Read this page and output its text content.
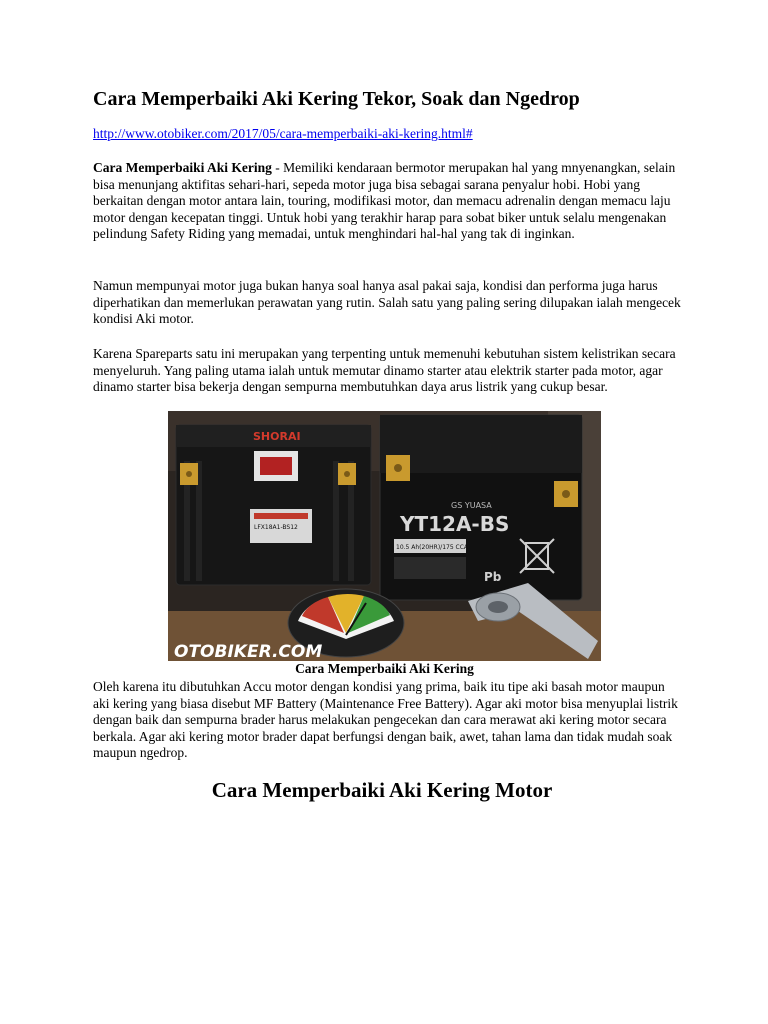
Cara Memperbaiki Aki Kering Tekor, Soak dan Ngedrop
http://www.otobiker.com/2017/05/cara-memperbaiki-aki-kering.html#

Cara Memperbaiki Aki Kering - Memiliki kendaraan bermotor merupakan hal yang mnyenangkan, selain bisa menunjang aktifitas sehari-hari, sepeda motor juga bisa sebagai sarana penyalur hobi. Hobi yang berkaitan dengan motor antara lain, touring, modifikasi motor, dan memacu adrenalin dengan memacu laju motor dengan kecepatan tinggi. Untuk hobi yang terakhir harap para sobat biker untuk selalu mengenakan pelindung Safety Riding yang memadai, untuk menghindari hal-hal yang tak di inginkan.

Namun mempunyai motor juga bukan hanya soal hanya asal pakai saja, kondisi dan performa juga harus diperhatikan dan memerlukan perawatan yang rutin. Salah satu yang paling sering dilupakan ialah mengecek kondisi Aki motor.

Karena Spareparts satu ini merupakan yang terpenting untuk memenuhi kebutuhan sistem kelistrikan secara menyeluruh. Yang paling utama ialah untuk memutar dinamo starter atau elektrik starter pada motor, agar dinamo starter bisa bekerja dengan sempurna membutuhkan daya arus listrik yang cukup besar.

Oleh karena itu dibutuhkan Accu motor dengan kondisi yang prima, baik itu tipe aki basah motor maupun aki kering yang biasa disebut MF Battery (Maintenance Free Battery). Agar aki motor bisa menyuplai listrik dengan baik dan sempurna brader harus melakukan pengecekan dan cara merawat aki kering motor secara berkala. Agar aki kering motor brader dapat berfungsi dengan baik, awet, tahan lama dan tidak mudah soak maupun ngedrop.

Cara Memperbaiki Aki Kering Motor
SHORAI
LFX18A1-BS12
GS YUASA
YT12A-BS
10.5 Ah(20HR)/175 CCA
Pb
OTOBIKER.COM
Cara Memperbaiki Aki Kering
